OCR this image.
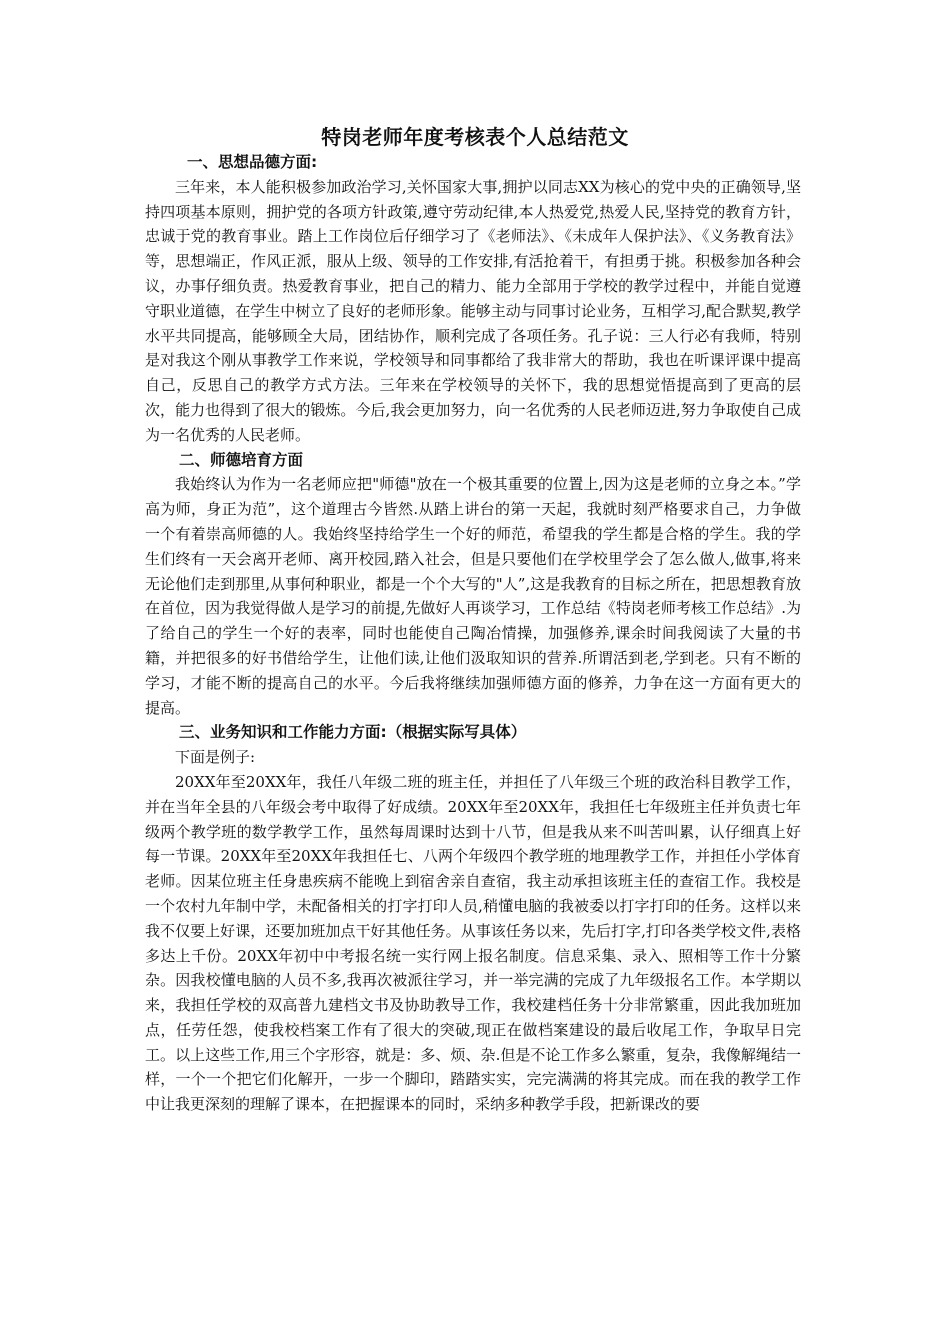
特岗老师年度考核表个人总结范文

一、思想品德方面:

三年来，本人能积极参加政治学习,关怀国家大事,拥护以同志XX为核心的党中央的正确领导,坚持四项基本原则，拥护党的各项方针政策,遵守劳动纪律,本人热爱党,热爱人民,坚持党的教育方针，忠诚于党的教育事业。踏上工作岗位后仔细学习了《老师法》、《未成年人保护法》、《义务教育法》等，思想端正，作风正派，服从上级、领导的工作安排,有活抢着干，有担勇于挑。积极参加各种会议，办事仔细负责。热爱教育事业，把自己的精力、能力全部用于学校的教学过程中，并能自觉遵守职业道德，在学生中树立了良好的老师形象。能够主动与同事讨论业务，互相学习,配合默契,教学水平共同提高，能够顾全大局，团结协作，顺利完成了各项任务。孔子说：三人行必有我师，特别是对我这个刚从事教学工作来说，学校领导和同事都给了我非常大的帮助，我也在听课评课中提高自己，反思自己的教学方式方法。三年来在学校领导的关怀下，我的思想觉悟提高到了更高的层次，能力也得到了很大的锻炼。今后,我会更加努力，向一名优秀的人民老师迈进,努力争取使自己成为一名优秀的人民老师。

二、师德培育方面

我始终认为作为一名老师应把"师德"放在一个极其重要的位置上,因为这是老师的立身之本。”学高为师，身正为范”，这个道理古今皆然.从踏上讲台的第一天起，我就时刻严格要求自己，力争做一个有着崇高师德的人。我始终坚持给学生一个好的师范，希望我的学生都是合格的学生。我的学生们终有一天会离开老师、离开校园,踏入社会，但是只要他们在学校里学会了怎么做人,做事,将来无论他们走到那里,从事何种职业，都是一个个大写的"人”,这是我教育的目标之所在，把思想教育放在首位，因为我觉得做人是学习的前提,先做好人再谈学习，工作总结《特岗老师考核工作总结》.为了给自己的学生一个好的表率，同时也能使自己陶冶情操，加强修养,课余时间我阅读了大量的书籍，并把很多的好书借给学生，让他们读,让他们汲取知识的营养.所谓活到老,学到老。只有不断的学习，才能不断的提高自己的水平。今后我将继续加强师德方面的修养，力争在这一方面有更大的提高。

三、业务知识和工作能力方面:（根据实际写具体）

下面是例子:

20XX年至20XX年，我任八年级二班的班主任，并担任了八年级三个班的政治科目教学工作，并在当年全县的八年级会考中取得了好成绩。20XX年至20XX年，我担任七年级班主任并负责七年级两个教学班的数学教学工作，虽然每周课时达到十八节，但是我从来不叫苦叫累，认仔细真上好每一节课。20XX年至20XX年我担任七、八两个年级四个教学班的地理教学工作，并担任小学体育老师。因某位班主任身患疾病不能晚上到宿舍亲自查宿，我主动承担该班主任的查宿工作。我校是一个农村九年制中学，未配备相关的打字打印人员,稍懂电脑的我被委以打字打印的任务。这样以来我不仅要上好课，还要加班加点干好其他任务。从事该任务以来，先后打字,打印各类学校文件,表格多达上千份。20XX年初中中考报名统一实行网上报名制度。信息采集、录入、照相等工作十分繁杂。因我校懂电脑的人员不多,我再次被派往学习，并一举完满的完成了九年级报名工作。本学期以来，我担任学校的双高普九建档文书及协助教导工作，我校建档任务十分非常繁重，因此我加班加点，任劳任怨，使我校档案工作有了很大的突破,现正在做档案建设的最后收尾工作，争取早日完工。以上这些工作,用三个字形容，就是：多、烦、杂.但是不论工作多么繁重，复杂，我像解绳结一样，一个一个把它们化解开，一步一个脚印，踏踏实实，完完满满的将其完成。而在我的教学工作中让我更深刻的理解了课本，在把握课本的同时，采纳多种教学手段，把新课改的要
